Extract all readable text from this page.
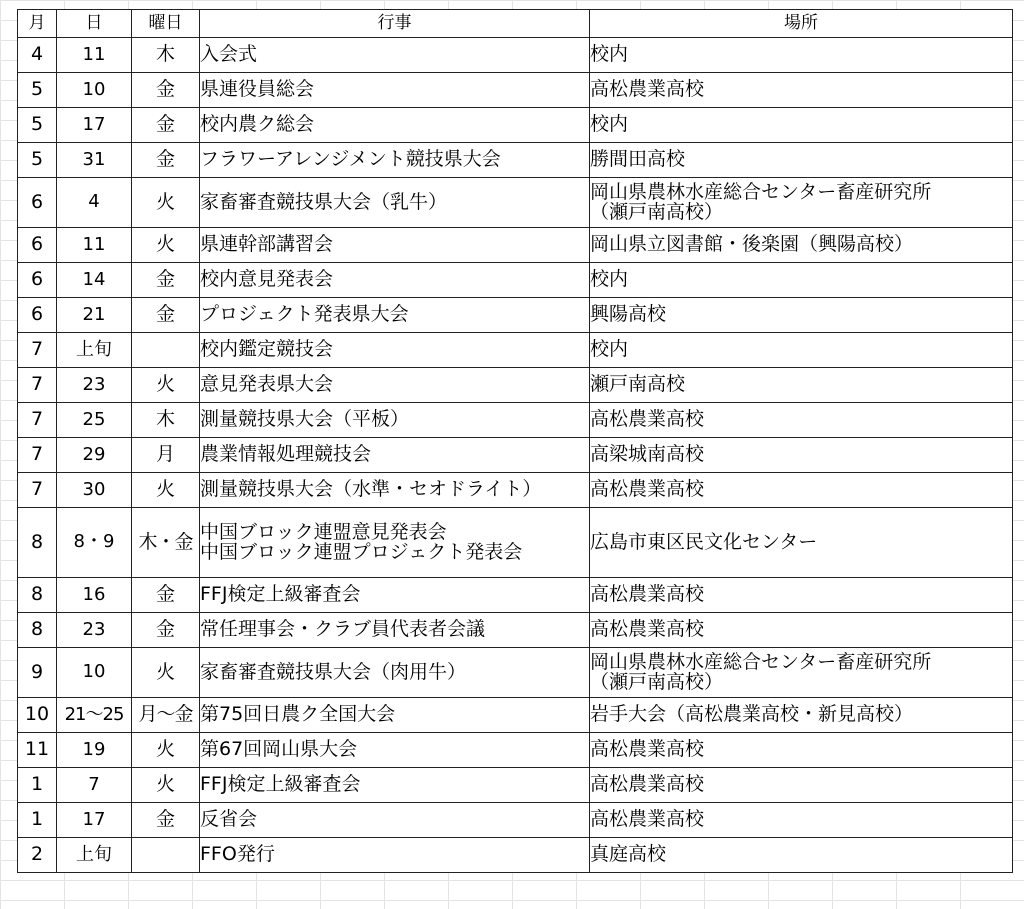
月	日	曜日	行事	場所
4	11	木	入会式	校内

5	10	金	県連役員総会	高松農業高校

5	17	金	校内農ク総会	校内

5	31	金	フラワーアレンジメント競技県大会	勝間田高校

6	4	火	家畜審査競技県大会（乳牛）	岡山県農林水産総合センター畜産研究所
（瀬戸南高校）

6	11	火	県連幹部講習会	岡山県立図書館・後楽園（興陽高校）

6	14	金	校内意見発表会	校内

6	21	金	プロジェクト発表県大会	興陽高校

7	上旬		校内鑑定競技会	校内

7	23	火	意見発表県大会	瀬戸南高校

7	25	木	測量競技県大会（平板）	高松農業高校

7	29	月	農業情報処理競技会	高梁城南高校

7	30	火	測量競技県大会（水準・セオドライト）	高松農業高校

8	8・9	木・金	中国ブロック連盟意見発表会
中国ブロック連盟プロジェクト発表会	広島市東区民文化センター

8	16	金	FFJ検定上級審査会	高松農業高校

8	23	金	常任理事会・クラブ員代表者会議	高松農業高校

9	10	火	家畜審査競技県大会（肉用牛）	岡山県農林水産総合センター畜産研究所
（瀬戸南高校）

10	21～25	月～金	第75回日農ク全国大会	岩手大会（高松農業高校・新見高校）

11	19	火	第67回岡山県大会	高松農業高校

1	7	火	FFJ検定上級審査会	高松農業高校

1	17	金	反省会	高松農業高校

2	上旬		FFO発行	真庭高校
